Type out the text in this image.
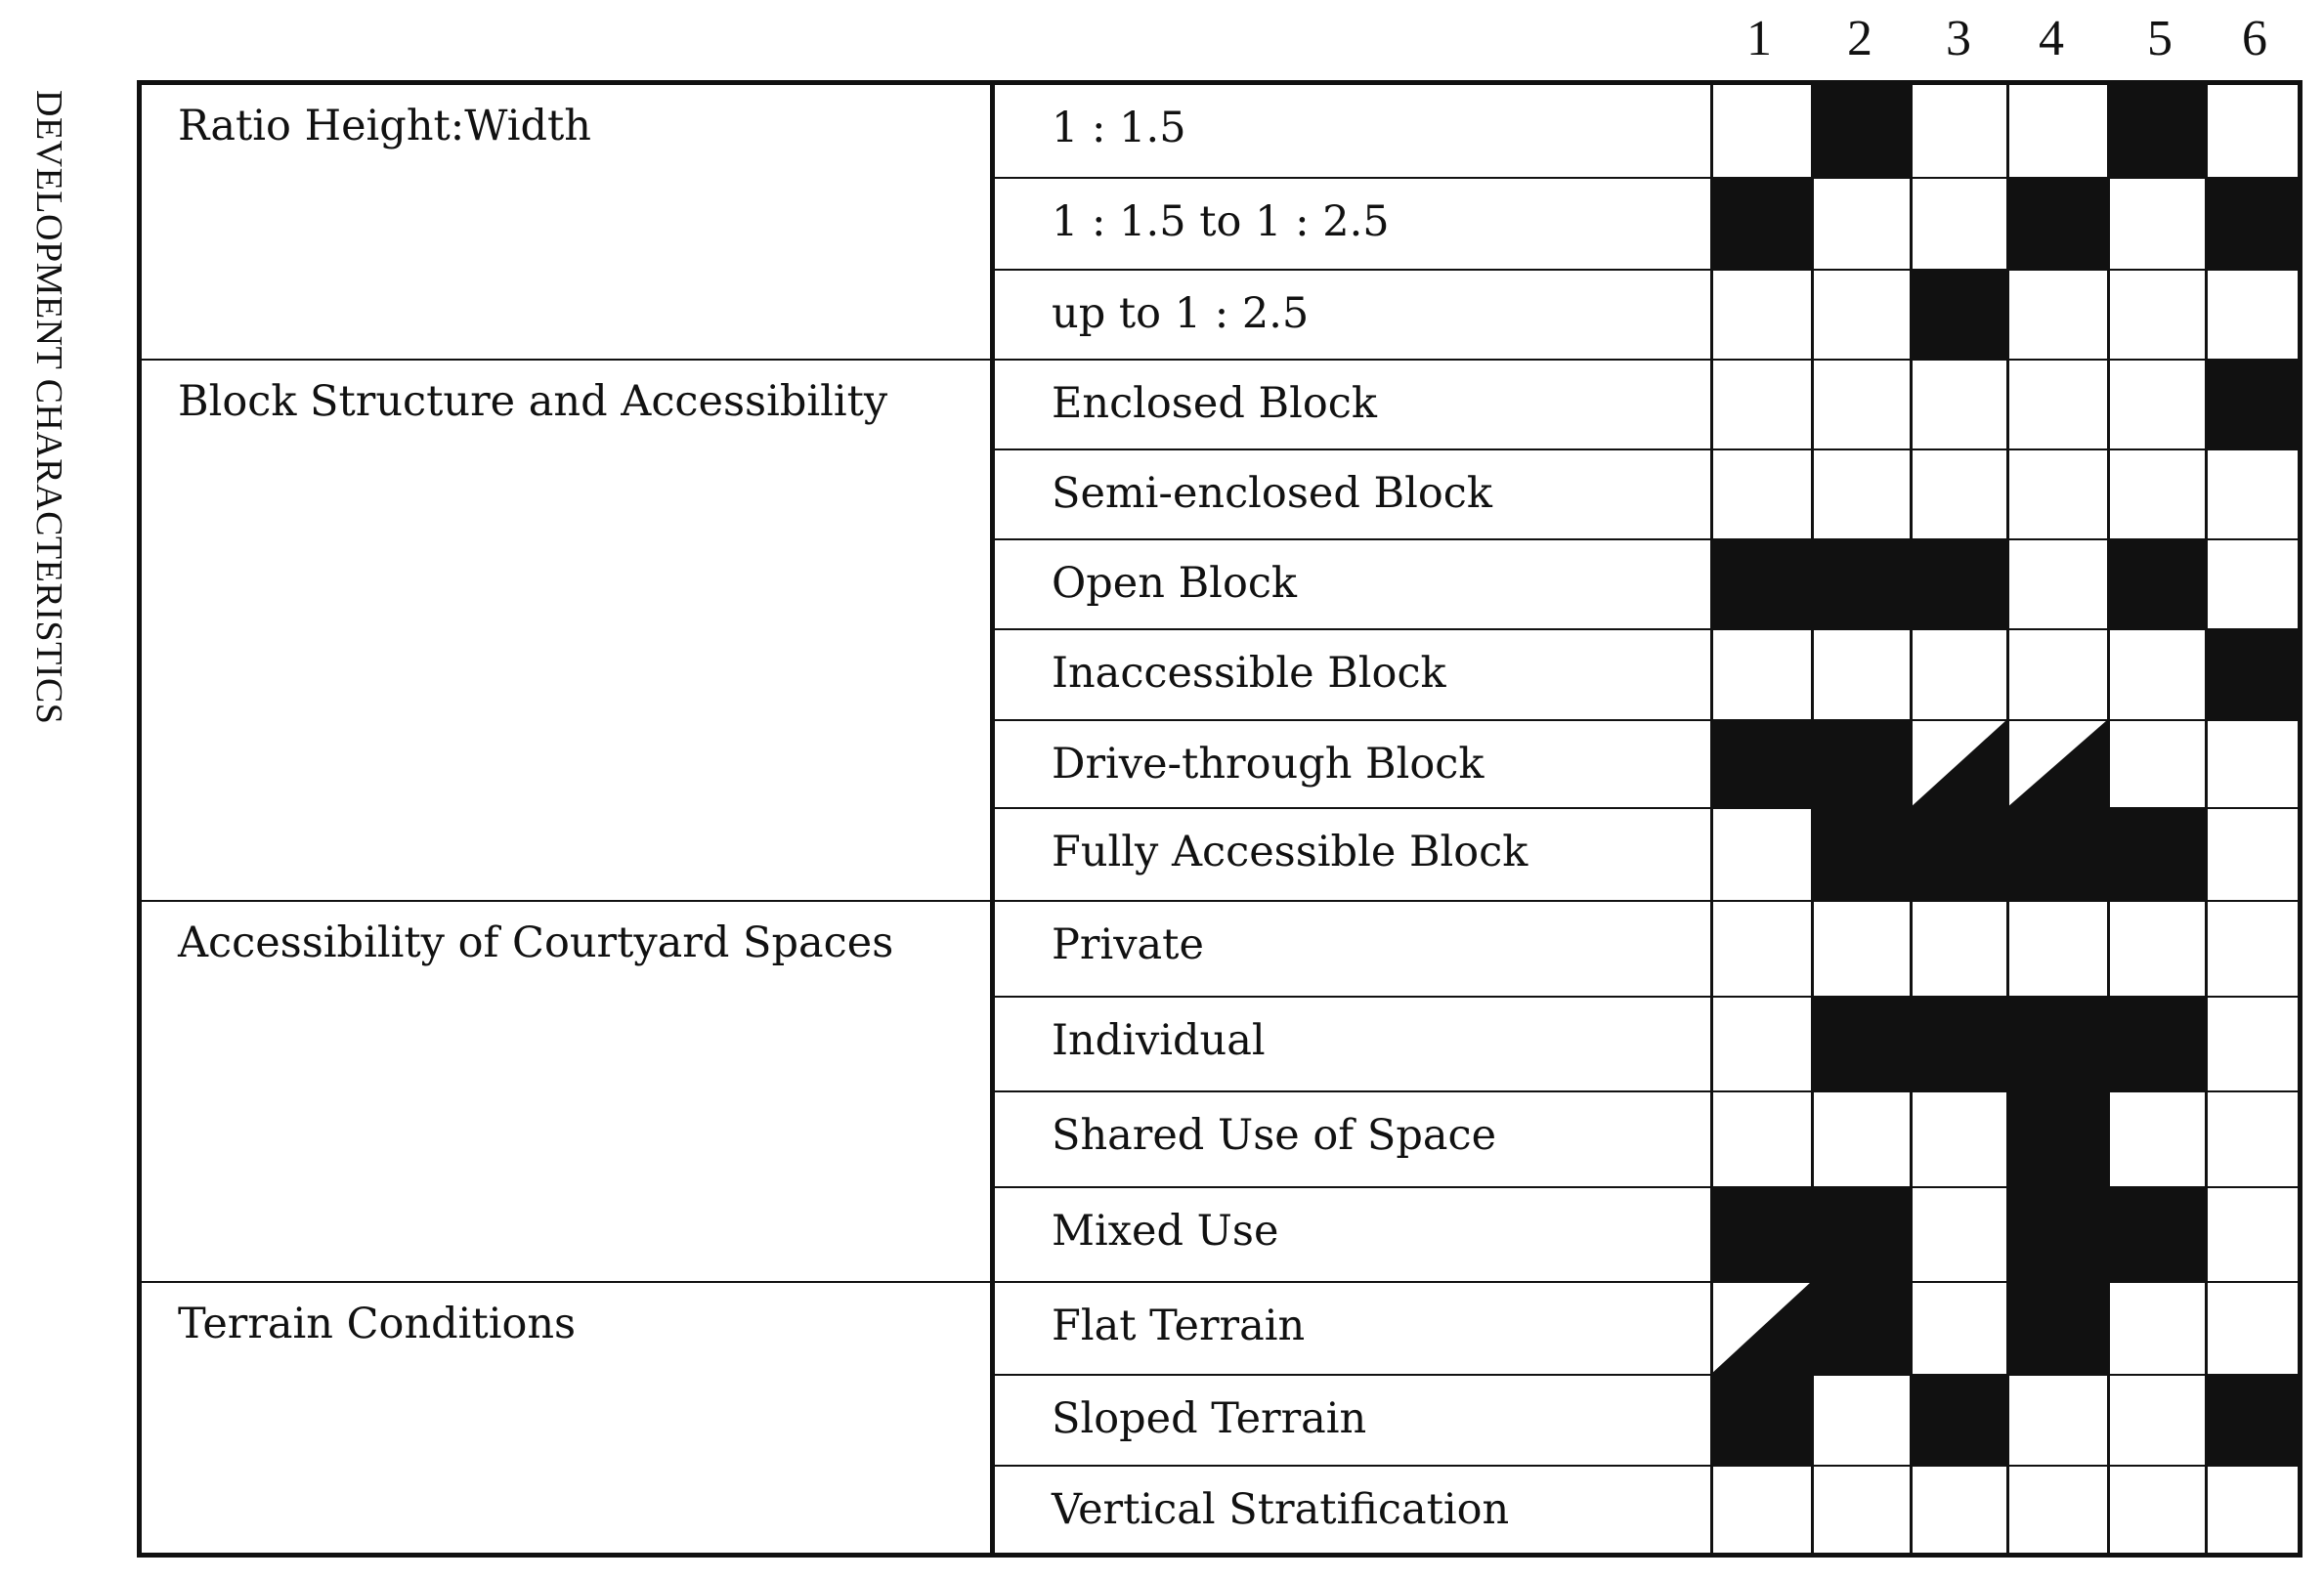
DEVELOPMENT CHARACTERISTICS
1	2	3	4	5	6
Ratio Height:Width	1 : 1.5
1 : 1.5 to 1 : 2.5
up to 1 : 2.5
Block Structure and Accessibility	Enclosed Block
Semi-enclosed Block
Open Block
Inaccessible Block
Drive-through Block
Fully Accessible Block
Accessibility of Courtyard Spaces	Private
Individual
Shared Use of Space
Mixed Use
Terrain Conditions	Flat Terrain
Sloped Terrain
Vertical Stratification
